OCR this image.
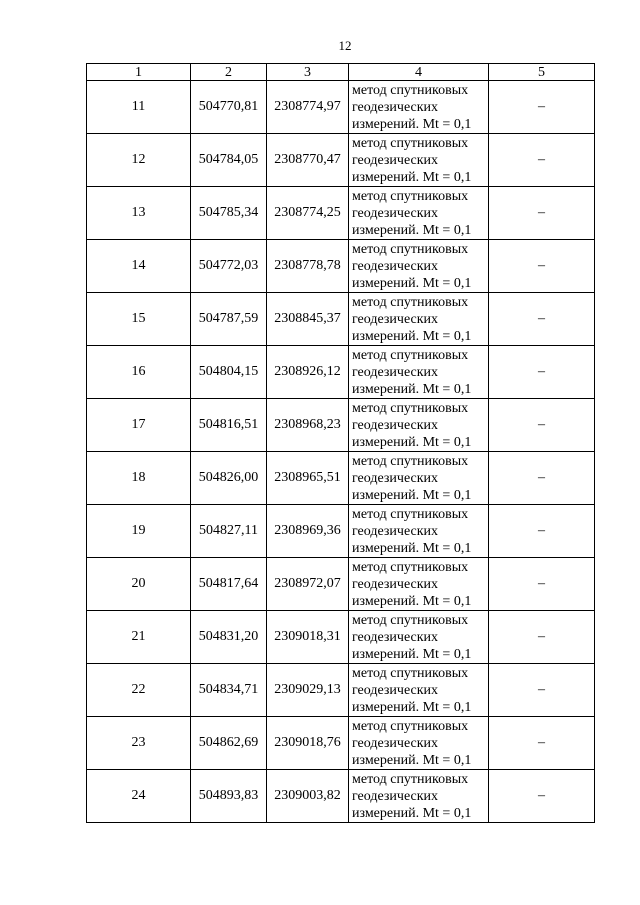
12
1	2	3	4	5
11	504770,81	2308774,97	метод спутниковых
геодезических
измерений. Mt = 0,1	–
12	504784,05	2308770,47	метод спутниковых
геодезических
измерений. Mt = 0,1	–
13	504785,34	2308774,25	метод спутниковых
геодезических
измерений. Mt = 0,1	–
14	504772,03	2308778,78	метод спутниковых
геодезических
измерений. Mt = 0,1	–
15	504787,59	2308845,37	метод спутниковых
геодезических
измерений. Mt = 0,1	–
16	504804,15	2308926,12	метод спутниковых
геодезических
измерений. Mt = 0,1	–
17	504816,51	2308968,23	метод спутниковых
геодезических
измерений. Mt = 0,1	–
18	504826,00	2308965,51	метод спутниковых
геодезических
измерений. Mt = 0,1	–
19	504827,11	2308969,36	метод спутниковых
геодезических
измерений. Mt = 0,1	–
20	504817,64	2308972,07	метод спутниковых
геодезических
измерений. Mt = 0,1	–
21	504831,20	2309018,31	метод спутниковых
геодезических
измерений. Mt = 0,1	–
22	504834,71	2309029,13	метод спутниковых
геодезических
измерений. Mt = 0,1	–
23	504862,69	2309018,76	метод спутниковых
геодезических
измерений. Mt = 0,1	–
24	504893,83	2309003,82	метод спутниковых
геодезических
измерений. Mt = 0,1	–
